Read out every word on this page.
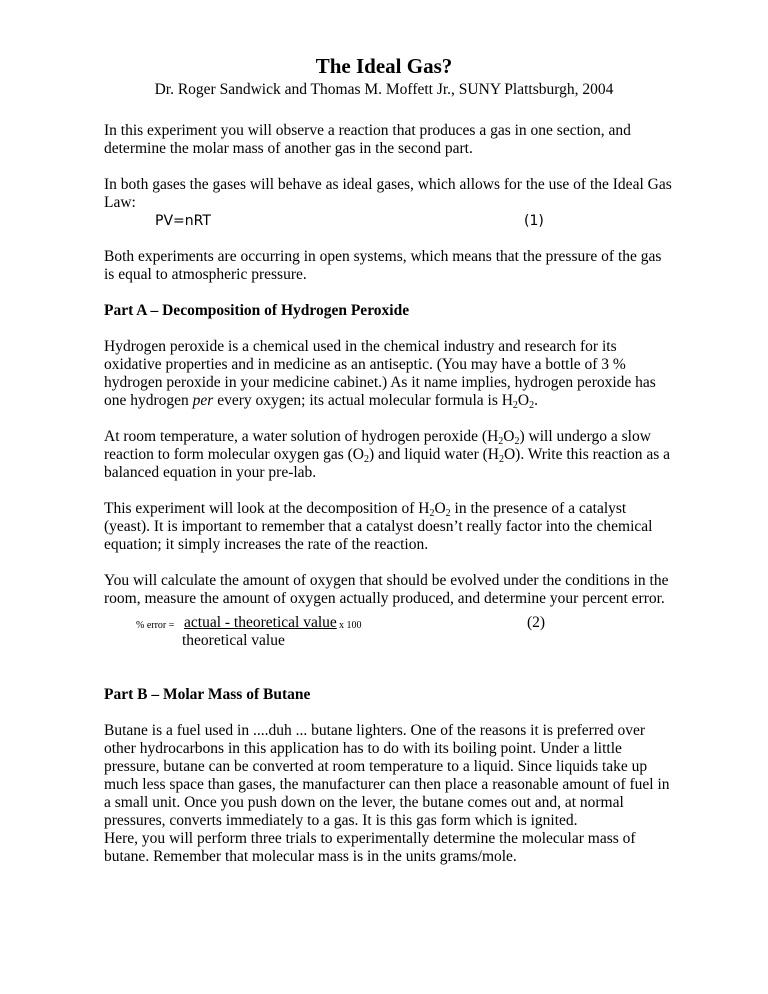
The Ideal Gas?
Dr. Roger Sandwick and Thomas M. Moffett Jr., SUNY Plattsburgh, 2004

In this experiment you will observe a reaction that produces a gas in one section, and determine the molar mass of another gas in the second part.

In both gases the gases will behave as ideal gases, which allows for the use of the Ideal Gas Law:

PV=nRT	(1)

Both experiments are occurring in open systems, which means that the pressure of the gas is equal to atmospheric pressure.

Part A – Decomposition of Hydrogen Peroxide

Hydrogen peroxide is a chemical used in the chemical industry and research for its oxidative properties and in medicine as an antiseptic. (You may have a bottle of 3 % hydrogen peroxide in your medicine cabinet.) As it name implies, hydrogen peroxide has one hydrogen per every oxygen; its actual molecular formula is $H_2O_2$.

At room temperature, a water solution of hydrogen peroxide $(H_2O_2)$ will undergo a slow reaction to form molecular oxygen gas $(O_2)$ and liquid water $(H_2O)$. Write this reaction as a balanced equation in your pre-lab.

This experiment will look at the decomposition of $H_2O_2$ in the presence of a catalyst (yeast). It is important to remember that a catalyst doesn’t really factor into the chemical equation; it simply increases the rate of the reaction.

You will calculate the amount of oxygen that should be evolved under the conditions in the room, measure the amount of oxygen actually produced, and determine your percent error.

% error = actual - theoretical value x 100
theoretical value
(2)

Part B – Molar Mass of Butane

Butane is a fuel used in ....duh ... butane lighters. One of the reasons it is preferred over other hydrocarbons in this application has to do with its boiling point. Under a little pressure, butane can be converted at room temperature to a liquid. Since liquids take up much less space than gases, the manufacturer can then place a reasonable amount of fuel in a small unit. Once you push down on the lever, the butane comes out and, at normal pressures, converts immediately to a gas. It is this gas form which is ignited.

Here, you will perform three trials to experimentally determine the molecular mass of butane. Remember that molecular mass is in the units grams/mole.
